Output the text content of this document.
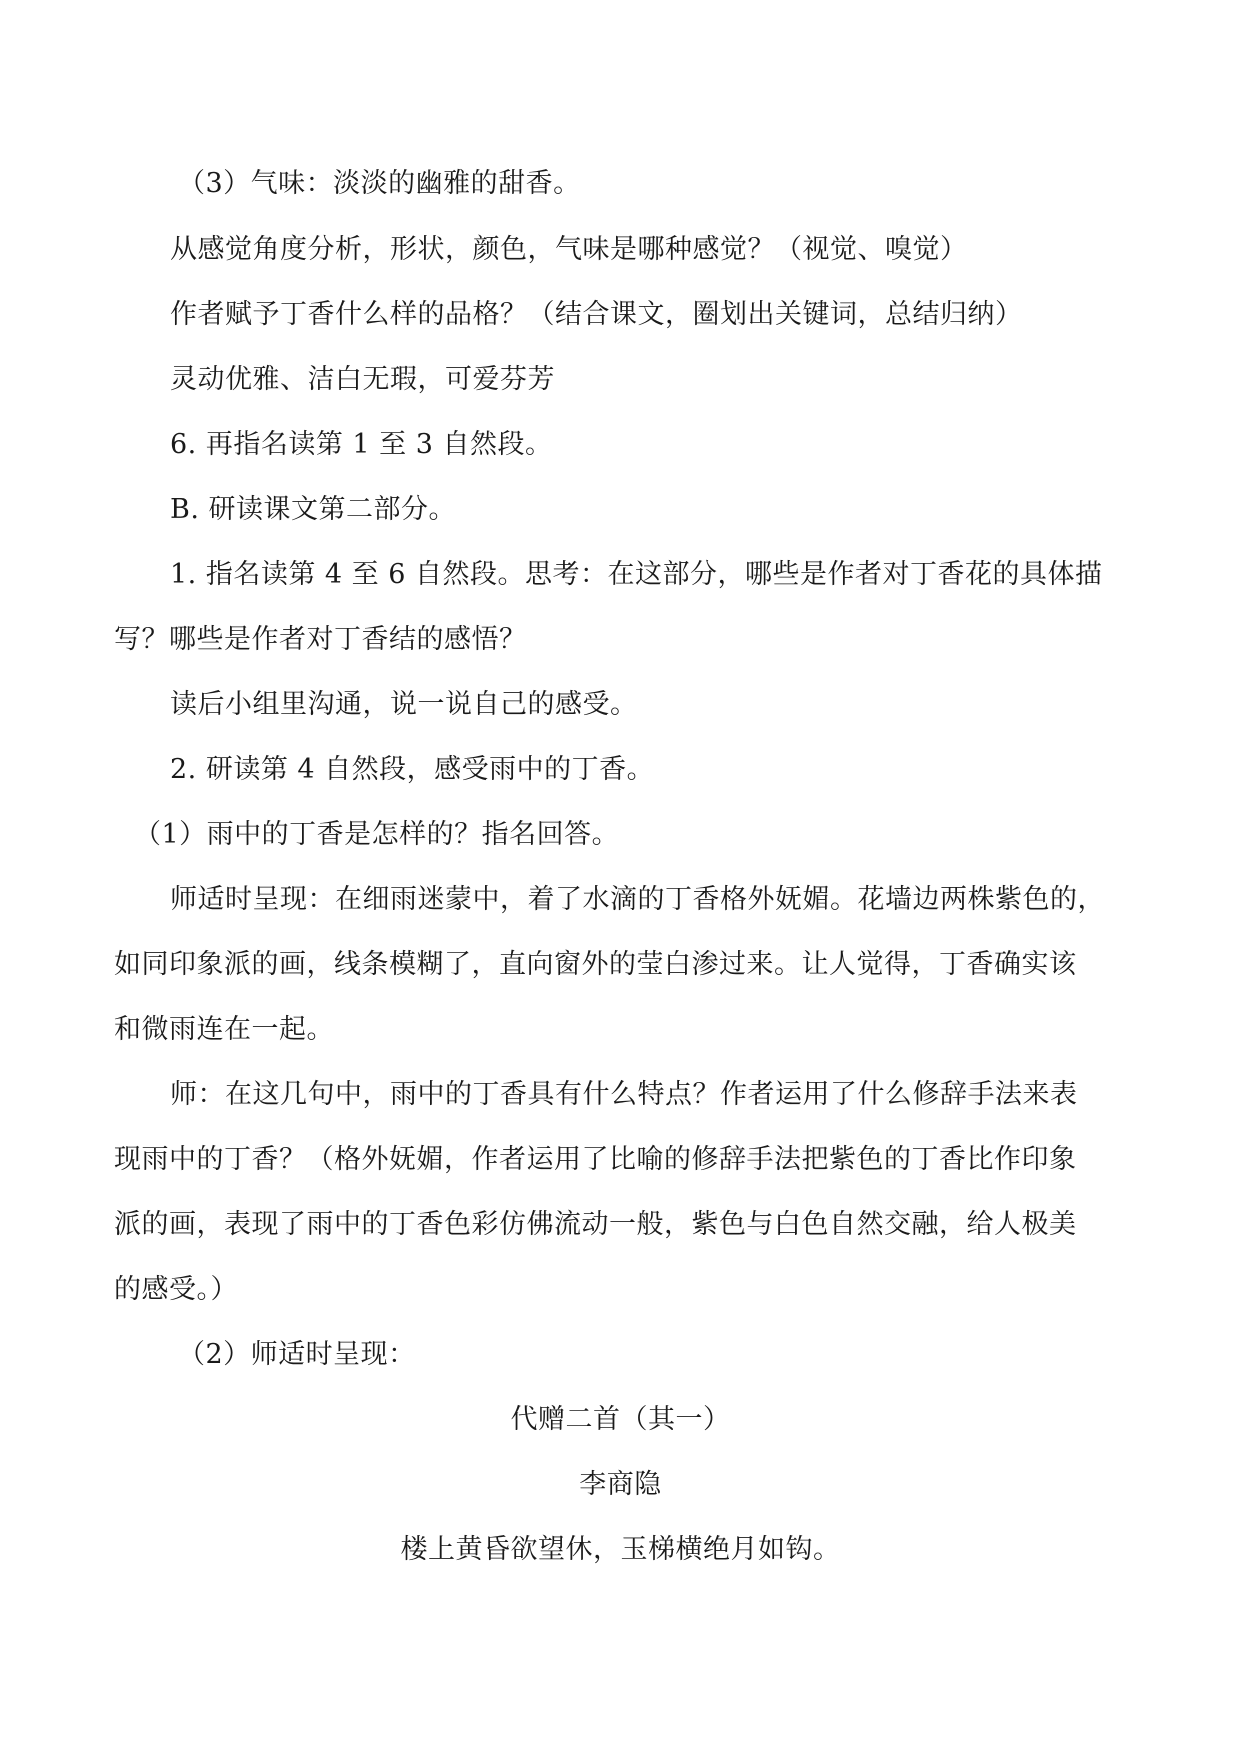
（3）气味：淡淡的幽雅的甜香。
从感觉角度分析，形状，颜色，气味是哪种感觉？（视觉、嗅觉）
作者赋予丁香什么样的品格？（结合课文，圈划出关键词，总结归纳）
灵动优雅、洁白无瑕，可爱芬芳
6. 再指名读第 1 至 3 自然段。
B. 研读课文第二部分。
1. 指名读第 4 至 6 自然段。思考：在这部分，哪些是作者对丁香花的具体描
写？哪些是作者对丁香结的感悟？
读后小组里沟通，说一说自己的感受。
2. 研读第 4 自然段，感受雨中的丁香。
（1）雨中的丁香是怎样的？指名回答。
师适时呈现：在细雨迷蒙中，着了水滴的丁香格外妩媚。花墙边两株紫色的，
如同印象派的画，线条模糊了，直向窗外的莹白渗过来。让人觉得，丁香确实该
和微雨连在一起。
师：在这几句中，雨中的丁香具有什么特点？作者运用了什么修辞手法来表
现雨中的丁香？（格外妩媚，作者运用了比喻的修辞手法把紫色的丁香比作印象
派的画，表现了雨中的丁香色彩仿佛流动一般，紫色与白色自然交融，给人极美
的感受。）
（2）师适时呈现：
代赠二首（其一）
李商隐
楼上黄昏欲望休，玉梯横绝月如钩。
